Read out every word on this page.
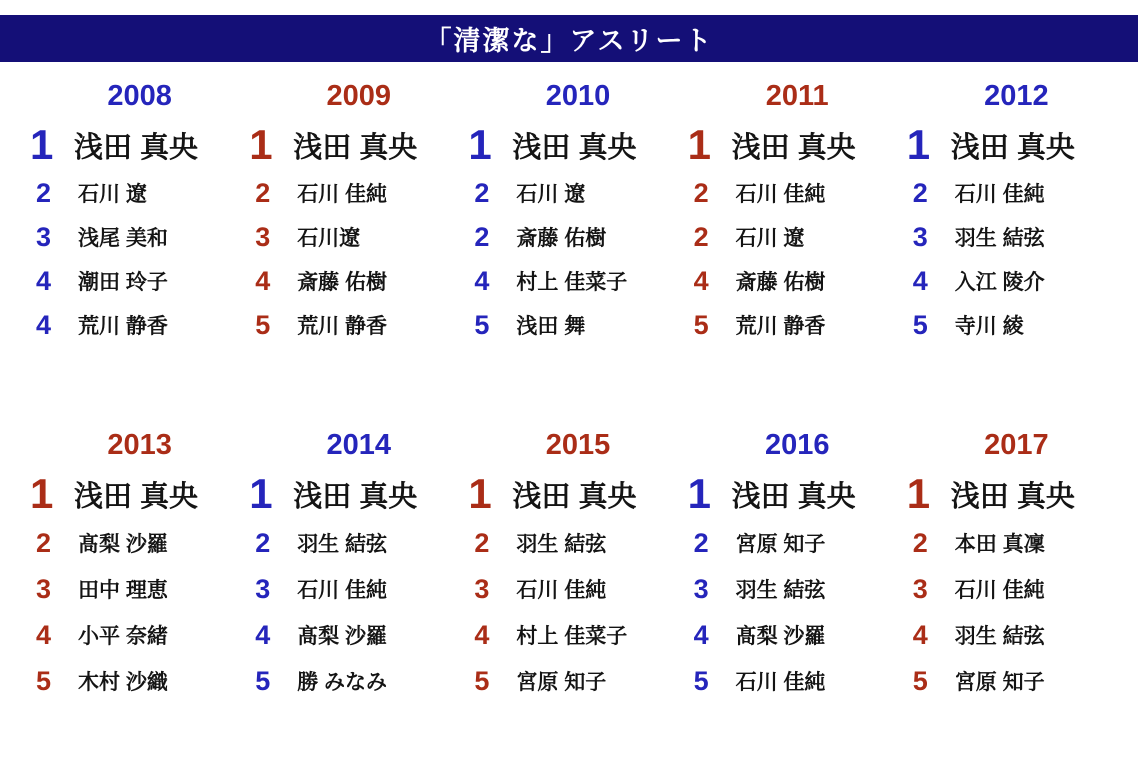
「清潔な」アスリート
2008
1 浅田 真央
2	石川 遼
3	浅尾 美和
4	潮田 玲子
4	荒川 静香
2009
1 浅田 真央
2	石川 佳純
3	石川遼
4	斎藤 佑樹
5	荒川 静香
2010
1 浅田 真央
2	石川 遼
2	斎藤 佑樹
4	村上 佳菜子
5	浅田 舞
2011
1 浅田 真央
2	石川 佳純
2	石川 遼
4	斎藤 佑樹
5	荒川 静香
2012
1 浅田 真央
2	石川 佳純
3	羽生 結弦
4	入江 陵介
5	寺川 綾
2013
1 浅田 真央
2	髙梨 沙羅
3	田中 理恵
4	小平 奈緒
5	木村 沙織
2014
1 浅田 真央
2	羽生 結弦
3	石川 佳純
4	髙梨 沙羅
5	勝 みなみ
2015
1 浅田 真央
2	羽生 結弦
3	石川 佳純
4	村上 佳菜子
5	宮原 知子
2016
1 浅田 真央
2	宮原 知子
3	羽生 結弦
4	髙梨 沙羅
5	石川 佳純
2017
1 浅田 真央
2	本田 真凜
3	石川 佳純
4	羽生 結弦
5	宮原 知子
